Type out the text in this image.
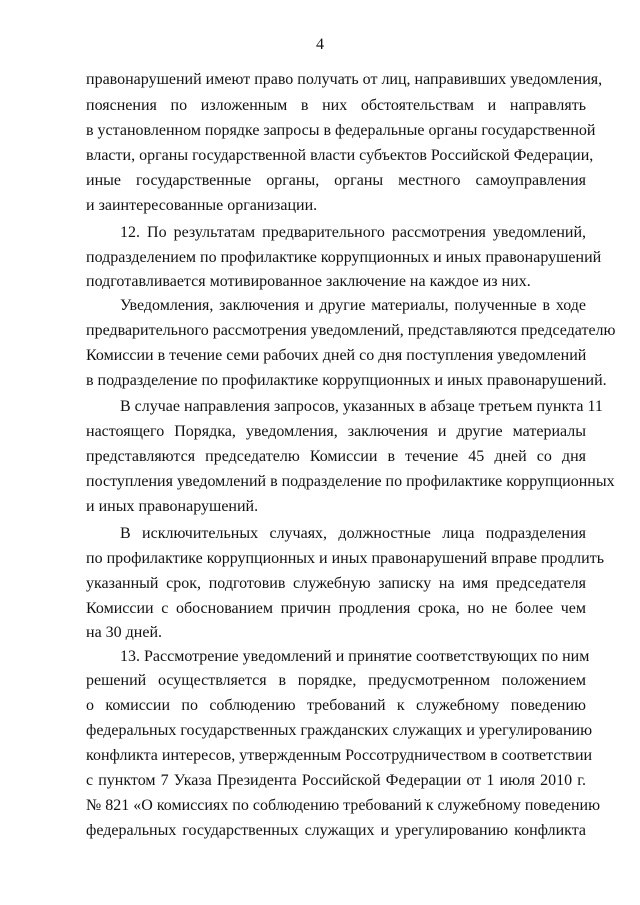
4
правонарушений имеют право получать от лиц, направивших уведомления,
пояснения по изложенным в них обстоятельствам и направлять
в установленном порядке запросы в федеральные органы государственной
власти, органы государственной власти субъектов Российской Федерации,
иные государственные органы, органы местного самоуправления
и заинтересованные организации.
12. По результатам предварительного рассмотрения уведомлений,
подразделением по профилактике коррупционных и иных правонарушений
подготавливается мотивированное заключение на каждое из них.
Уведомления, заключения и другие материалы, полученные в ходе
предварительного рассмотрения уведомлений, представляются председателю
Комиссии в течение семи рабочих дней со дня поступления уведомлений
в подразделение по профилактике коррупционных и иных правонарушений.
В случае направления запросов, указанных в абзаце третьем пункта 11
настоящего Порядка, уведомления, заключения и другие материалы
представляются председателю Комиссии в течение 45 дней со дня
поступления уведомлений в подразделение по профилактике коррупционных
и иных правонарушений.
В исключительных случаях, должностные лица подразделения
по профилактике коррупционных и иных правонарушений вправе продлить
указанный срок, подготовив служебную записку на имя председателя
Комиссии с обоснованием причин продления срока, но не более чем
на 30 дней.
13. Рассмотрение уведомлений и принятие соответствующих по ним
решений осуществляется в порядке, предусмотренном положением
о комиссии по соблюдению требований к служебному поведению
федеральных государственных гражданских служащих и урегулированию
конфликта интересов, утвержденным Россотрудничеством в соответствии
с пунктом 7 Указа Президента Российской Федерации от 1 июля 2010 г.
№ 821 «О комиссиях по соблюдению требований к служебному поведению
федеральных государственных служащих и урегулированию конфликта
